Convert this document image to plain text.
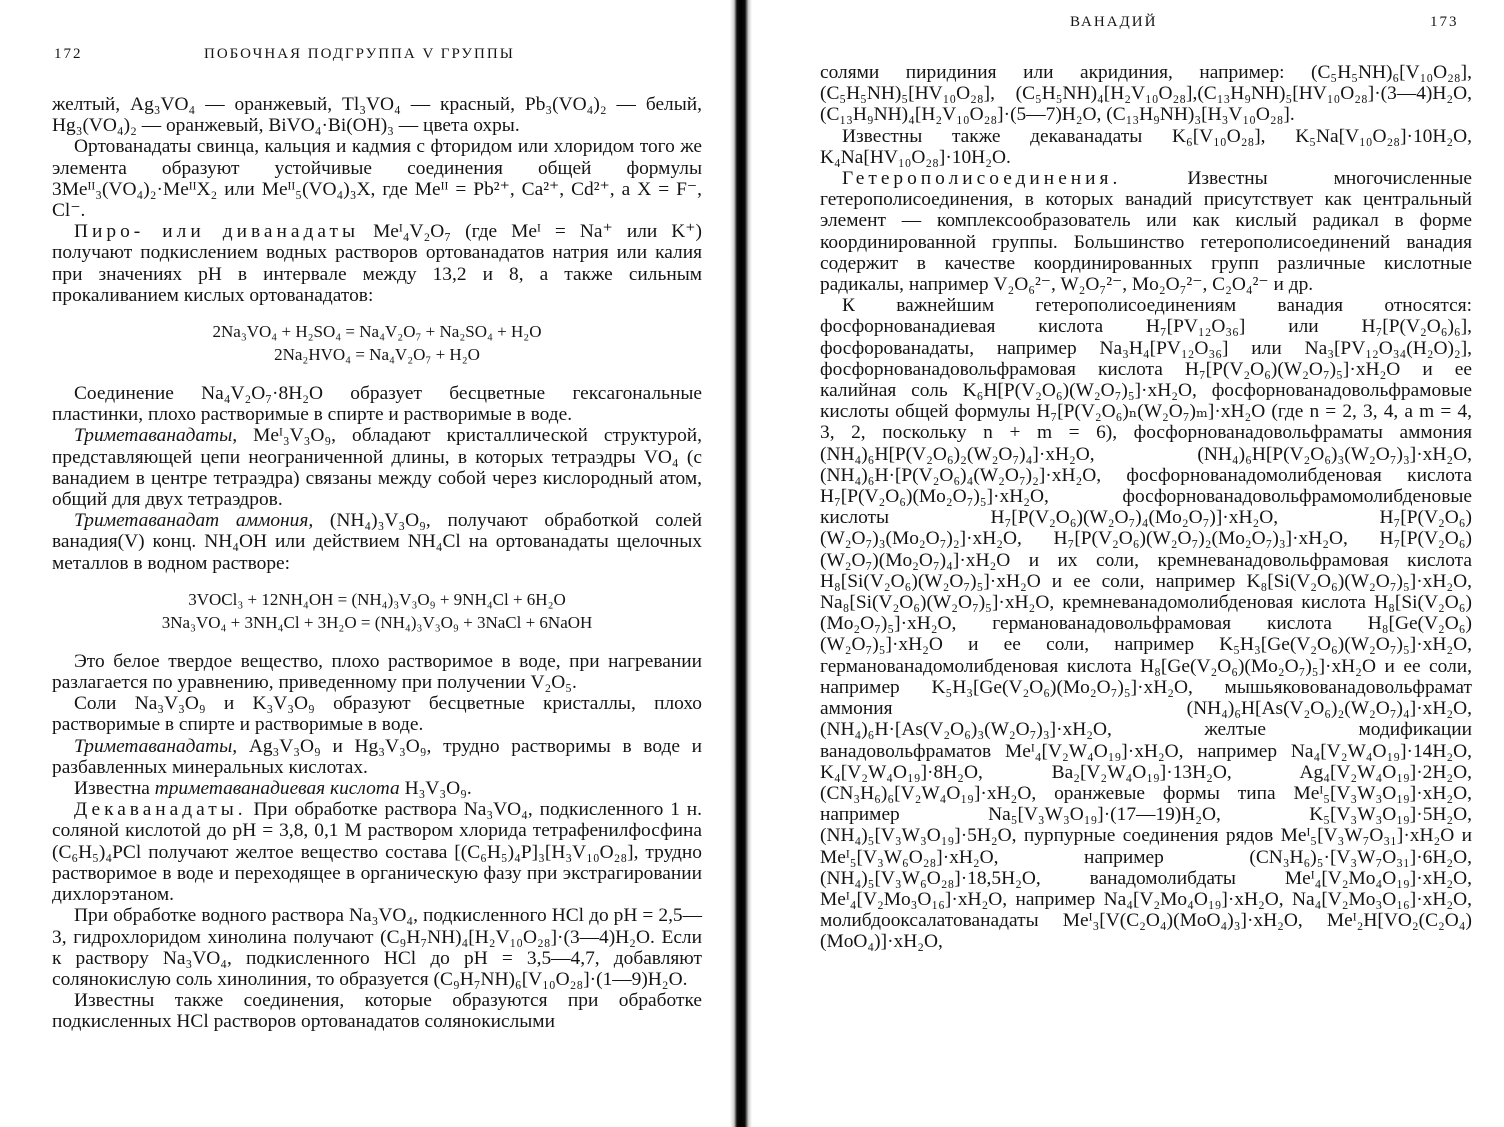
172	ПОБОЧНАЯ ПОДГРУППА V ГРУППЫ

желтый, Ag₃VO₄ — оранжевый, Tl₃VO₄ — красный, Pb₃(VO₄)₂ — белый, Hg₃(VO₄)₂ — оранжевый, BiVO₄·Bi(OH)₃ — цвета охры.

Ортованадаты свинца, кальция и кадмия с фторидом или хлоридом того же элемента образуют устойчивые соединения общей формулы 3Meᴵᴵ₃(VO₄)₂·MeᴵᴵX₂ или Meᴵᴵ₅(VO₄)₃X, где Meᴵᴵ = Pb²⁺, Ca²⁺, Cd²⁺, а X = F⁻, Cl⁻.

Пиро- или диванадаты Meᴵ₄V₂O₇ (где Meᴵ = Na⁺ или K⁺) получают подкислением водных растворов ортованадатов натрия или калия при значениях pH в интервале между 13,2 и 8, а также сильным прокаливанием кислых ортованадатов:

2Na₃VO₄ + H₂SO₄ = Na₄V₂O₇ + Na₂SO₄ + H₂O
2Na₂HVO₄ = Na₄V₂O₇ + H₂O

Соединение Na₄V₂O₇·8H₂O образует бесцветные гексагональные пластинки, плохо растворимые в спирте и растворимые в воде.

Триметаванадаты, Meᴵ₃V₃O₉, обладают кристаллической структурой, представляющей цепи неограниченной длины, в которых тетраэдры VO₄ (с ванадием в центре тетраэдра) связаны между собой через кислородный атом, общий для двух тетраэдров.

Триметаванадат аммония, (NH₄)₃V₃O₉, получают обработкой солей ванадия(V) конц. NH₄OH или действием NH₄Cl на ортованадаты щелочных металлов в водном растворе:

3VOCl₃ + 12NH₄OH = (NH₄)₃V₃O₉ + 9NH₄Cl + 6H₂O
3Na₃VO₄ + 3NH₄Cl + 3H₂O = (NH₄)₃V₃O₉ + 3NaCl + 6NaOH

Это белое твердое вещество, плохо растворимое в воде, при нагревании разлагается по уравнению, приведенному при получении V₂O₅.

Соли Na₃V₃O₉ и K₃V₃O₉ образуют бесцветные кристаллы, плохо растворимые в спирте и растворимые в воде.

Триметаванадаты, Ag₃V₃O₉ и Hg₃V₃O₉, трудно растворимы в воде и разбавленных минеральных кислотах.

Известна триметаванадиевая кислота H₃V₃O₉.

Декаванадаты. При обработке раствора Na₃VO₄, подкисленного 1 н. соляной кислотой до pH = 3,8, 0,1 M раствором хлорида тетрафенилфосфина (C₆H₅)₄PCl получают желтое вещество состава [(C₆H₅)₄P]₃[H₃V₁₀O₂₈], трудно растворимое в воде и переходящее в органическую фазу при экстрагировании дихлорэтаном.

При обработке водного раствора Na₃VO₄, подкисленного HCl до pH = 2,5—3, гидрохлоридом хинолина получают (C₉H₇NH)₄[H₂V₁₀O₂₈]·(3—4)H₂O. Если к раствору Na₃VO₄, подкисленного HCl до pH = 3,5—4,7, добавляют солянокислую соль хинолиния, то образуется (C₉H₇NH)₆[V₁₀O₂₈]·(1—9)H₂O.

Известны также соединения, которые образуются при обработке подкисленных HCl растворов ортованадатов солянокислыми

ВАНАДИЙ	173

солями пиридиния или акридиния, например: (C₅H₅NH)₆[V₁₀O₂₈], (C₅H₅NH)₅[HV₁₀O₂₈], (C₅H₅NH)₄[H₂V₁₀O₂₈],(C₁₃H₉NH)₅[HV₁₀O₂₈]·(3—4)H₂O, (C₁₃H₉NH)₄[H₂V₁₀O₂₈]·(5—7)H₂O, (C₁₃H₉NH)₃[H₃V₁₀O₂₈].

Известны также декаванадаты K₆[V₁₀O₂₈], K₅Na[V₁₀O₂₈]·10H₂O, K₄Na[HV₁₀O₂₈]·10H₂O.

Гетерополисоединения. Известны многочисленные гетерополисоединения, в которых ванадий присутствует как центральный элемент — комплексообразователь или как кислый радикал в форме координированной группы. Большинство гетерополисоединений ванадия содержит в качестве координированных групп различные кислотные радикалы, например V₂O₆²⁻, W₂O₇²⁻, Mo₂O₇²⁻, C₂O₄²⁻ и др.

К важнейшим гетерополисоединениям ванадия относятся: фосфорнованадиевая кислота H₇[PV₁₂O₃₆] или H₇[P(V₂O₆)₆], фосфорованадаты, например Na₃H₄[PV₁₂O₃₆] или Na₃[PV₁₂O₃₄(H₂O)₂], фосфорнованадовольфрамовая кислота H₇[P(V₂O₆)(W₂O₇)₅]·xH₂O и ее калийная соль K₆H[P(V₂O₆)(W₂O₇)₅]·xH₂O, фосфорнованадовольфрамовые кислоты общей формулы H₇[P(V₂O₆)ₙ(W₂O₇)ₘ]·xH₂O (где n = 2, 3, 4, а m = 4, 3, 2, поскольку n + m = 6), фосфорнованадовольфраматы аммония (NH₄)₆H[P(V₂O₆)₂(W₂O₇)₄]·xH₂O, (NH₄)₆H[P(V₂O₆)₃(W₂O₇)₃]·xH₂O, (NH₄)₆H·[P(V₂O₆)₄(W₂O₇)₂]·xH₂O, фосфорнованадомолибденовая кислота H₇[P(V₂O₆)(Mo₂O₇)₅]·xH₂O, фосфорнованадовольфрамомолибденовые кислоты H₇[P(V₂O₆)(W₂O₇)₄(Mo₂O₇)]·xH₂O, H₇[P(V₂O₆)(W₂O₇)₃(Mo₂O₇)₂]·xH₂O, H₇[P(V₂O₆)(W₂O₇)₂(Mo₂O₇)₃]·xH₂O, H₇[P(V₂O₆)(W₂O₇)(Mo₂O₇)₄]·xH₂O и их соли, кремневанадовольфрамовая кислота H₈[Si(V₂O₆)(W₂O₇)₅]·xH₂O и ее соли, например K₈[Si(V₂O₆)(W₂O₇)₅]·xH₂O, Na₈[Si(V₂O₆)(W₂O₇)₅]·xH₂O, кремневанадомолибденовая кислота H₈[Si(V₂O₆)(Mo₂O₇)₅]·xH₂O, германованадовольфрамовая кислота H₈[Ge(V₂O₆)(W₂O₇)₅]·xH₂O и ее соли, например K₅H₃[Ge(V₂O₆)(W₂O₇)₅]·xH₂O, германованадомолибденовая кислота H₈[Ge(V₂O₆)(Mo₂O₇)₅]·xH₂O и ее соли, например K₅H₃[Ge(V₂O₆)(Mo₂O₇)₅]·xH₂O, мышьяковованадовольфрамат аммония (NH₄)₆H[As(V₂O₆)₂(W₂O₇)₄]·xH₂O, (NH₄)₆H·[As(V₂O₆)₃(W₂O₇)₃]·xH₂O, желтые модификации ванадовольфраматов Meᴵ₄[V₂W₄O₁₉]·xH₂O, например Na₄[V₂W₄O₁₉]·14H₂O, K₄[V₂W₄O₁₉]·8H₂O, Ba₂[V₂W₄O₁₉]·13H₂O, Ag₄[V₂W₄O₁₉]·2H₂O, (CN₃H₆)₆[V₂W₄O₁₉]·xH₂O, оранжевые формы типа Meᴵ₅[V₃W₃O₁₉]·xH₂O, например Na₅[V₃W₃O₁₉]·(17—19)H₂O, K₅[V₃W₃O₁₉]·5H₂O, (NH₄)₅[V₃W₃O₁₉]·5H₂O, пурпурные соединения рядов Meᴵ₅[V₃W₇O₃₁]·xH₂O и Meᴵ₅[V₃W₆O₂₈]·xH₂O, например (CN₃H₆)₅·[V₃W₇O₃₁]·6H₂O, (NH₄)₅[V₃W₆O₂₈]·18,5H₂O, ванадомолибдаты Meᴵ₄[V₂Mo₄O₁₉]·xH₂O, Meᴵ₄[V₂Mo₃O₁₆]·xH₂O, например Na₄[V₂Mo₄O₁₉]·xH₂O, Na₄[V₂Mo₃O₁₆]·xH₂O, молибдооксалатованадаты Meᴵ₃[V(C₂O₄)(MoO₄)₃]·xH₂O, Meᴵ₂H[VO₂(C₂O₄)(MoO₄)]·xH₂O,
